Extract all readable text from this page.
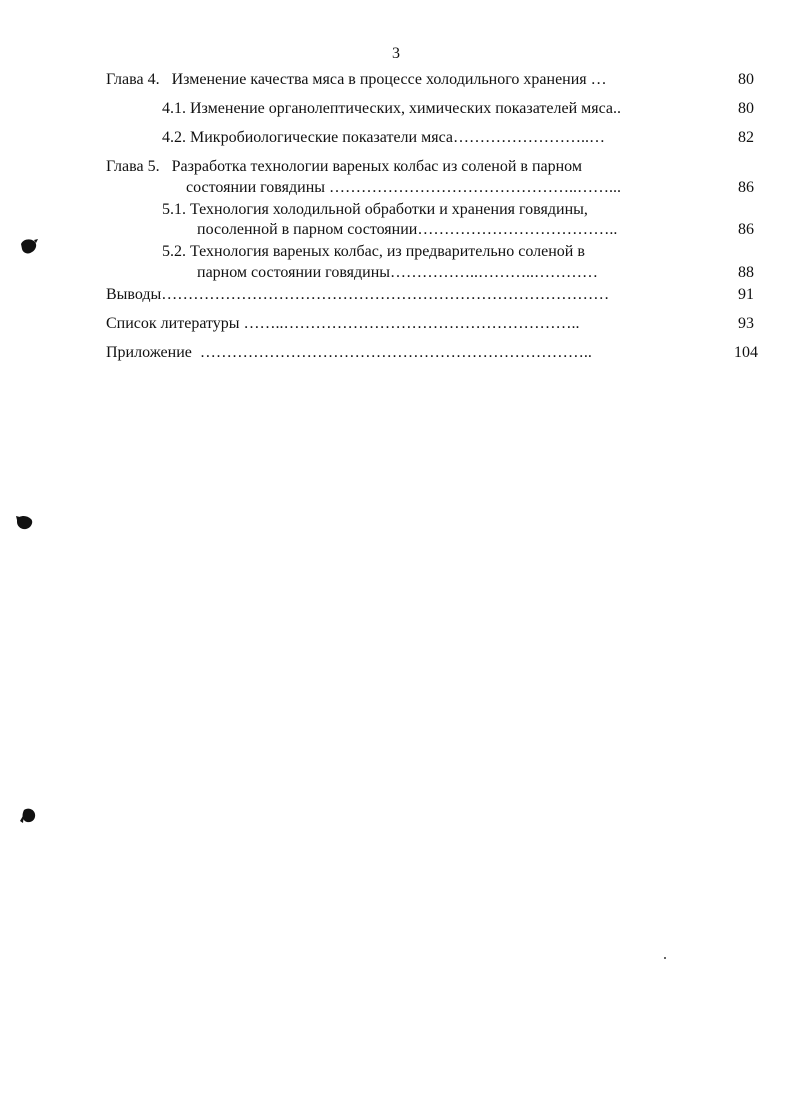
3
Глава 4.   Изменение качества мяса в процессе холодильного хранения …	80
4.1. Изменение органолептических, химических показателей мяса..	80
4.2. Микробиологические показатели мяса……………………..…	82
Глава 5.   Разработка технологии вареных колбас из соленой в парном
состоянии говядины ………………………………………..……...	86
5.1. Технология холодильной обработки и хранения говядины,
посоленной в парном состоянии………………………………..	86
5.2. Технология вареных колбас, из предварительно соленой в
парном состоянии говядины……………..………..…………	88
Выводы…………………………………………………………………………	91
Список литературы ……..………………………………………………..	93
Приложение  ………………………………………………………………..	104
